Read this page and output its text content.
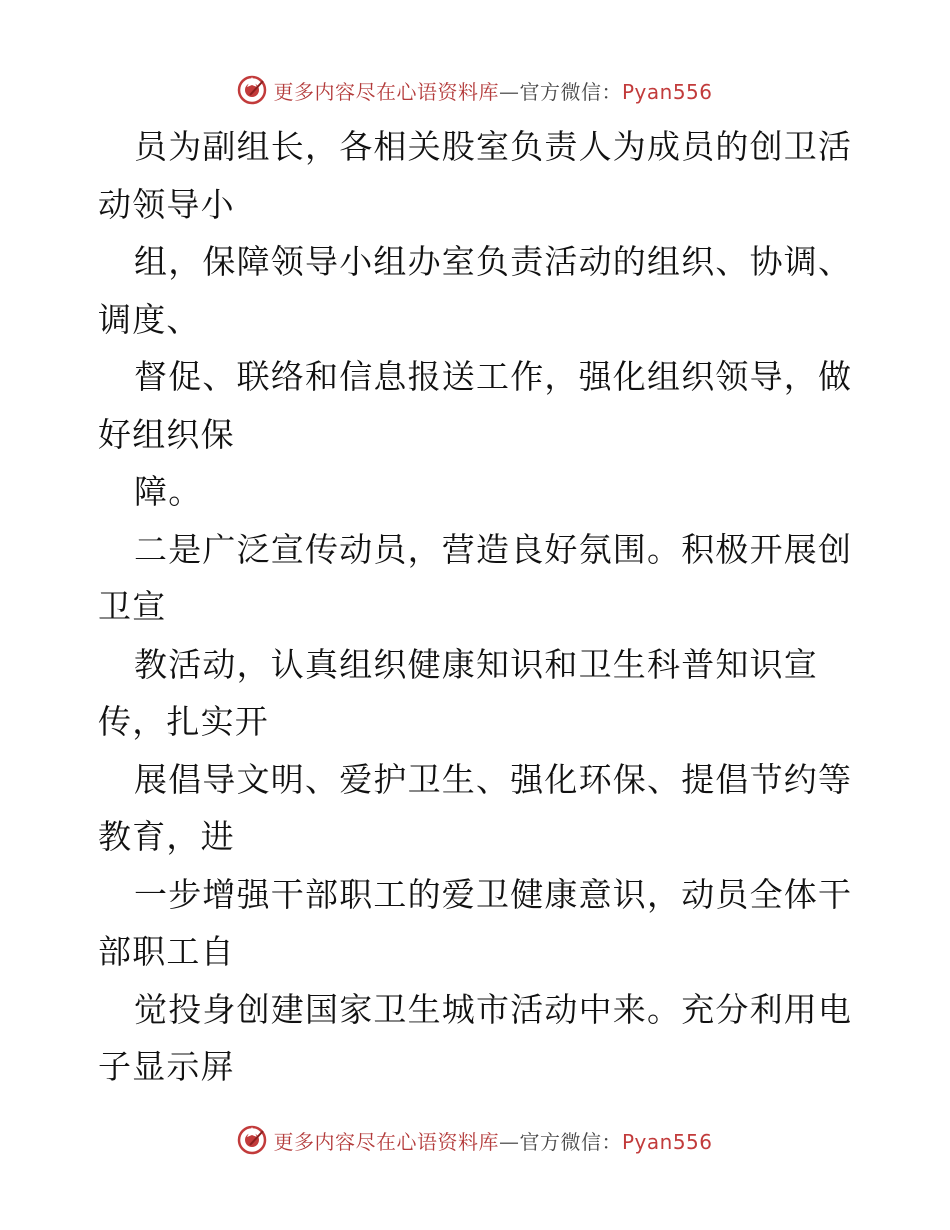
更多内容尽在心语资料库—官方微信：Pyan556
员为副组长，各相关股室负责人为成员的创卫活
动领导小
组，保障领导小组办室负责活动的组织、协调、
调度、
督促、联络和信息报送工作，强化组织领导，做
好组织保
障。
二是广泛宣传动员，营造良好氛围。积极开展创
卫宣
教活动，认真组织健康知识和卫生科普知识宣
传，扎实开
展倡导文明、爱护卫生、强化环保、提倡节约等
教育，进
一步增强干部职工的爱卫健康意识，动员全体干
部职工自
觉投身创建国家卫生城市活动中来。充分利用电
子显示屏
更多内容尽在心语资料库—官方微信：Pyan556
